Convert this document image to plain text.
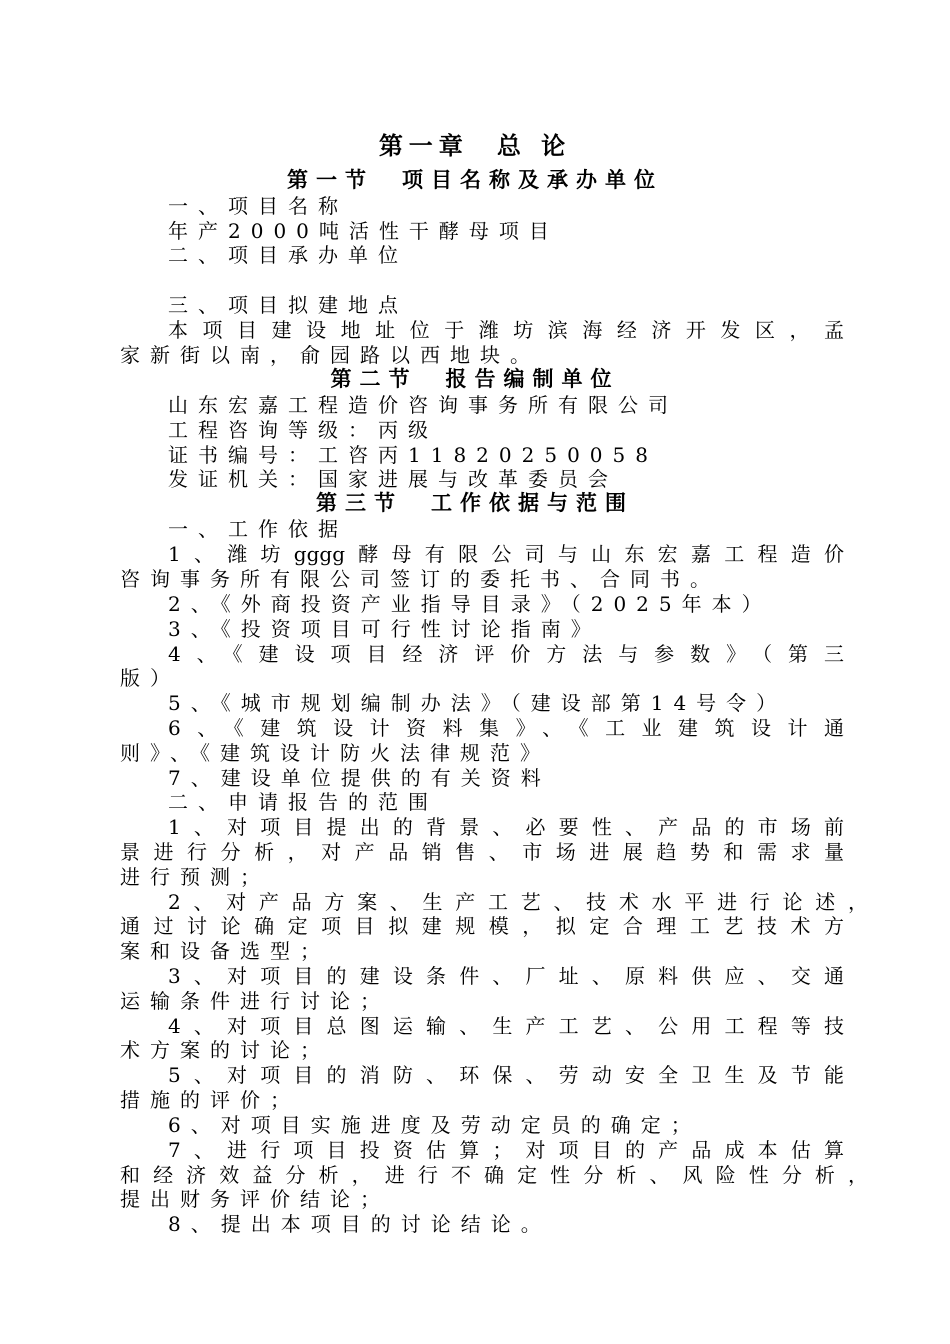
第一章 总 论
第一节 项目名称及承办单位
一、项目名称
年产2000吨活性干酵母项目
二、项目承办单位
三、项目拟建地点
本项目建设地址位于潍坊滨海经济开发区，孟
家新街以南，俞园路以西地块。
第二节 报告编制单位
山东宏嘉工程造价咨询事务所有限公司
工程咨询等级：丙级
证书编号：工咨丙11820250058
发证机关：国家进展与改革委员会
第三节 工作依据与范围
一、工作依据
1、潍坊gggg酵母有限公司与山东宏嘉工程造价
咨询事务所有限公司签订的委托书、合同书。
2、《外商投资产业指导目录》（2025年本）
3、《投资项目可行性讨论指南》
4、《建设项目经济评价方法与参数》（第三
版）
5、《城市规划编制办法》（建设部第14号令）
6、《建筑设计资料集》、《工业建筑设计通
则》、《建筑设计防火法律规范》
7、建设单位提供的有关资料
二、申请报告的范围
1、对项目提出的背景、必要性、产品的市场前
景进行分析，对产品销售、市场进展趋势和需求量
进行预测；
2、对产品方案、生产工艺、技术水平进行论述，
通过讨论确定项目拟建规模，拟定合理工艺技术方
案和设备选型；
3、对项目的建设条件、厂址、原料供应、交通
运输条件进行讨论；
4、对项目总图运输、生产工艺、公用工程等技
术方案的讨论；
5、对项目的消防、环保、劳动安全卫生及节能
措施的评价；
6、对项目实施进度及劳动定员的确定；
7、进行项目投资估算；对项目的产品成本估算
和经济效益分析，进行不确定性分析、风险性分析，
提出财务评价结论；
8、提出本项目的讨论结论。
